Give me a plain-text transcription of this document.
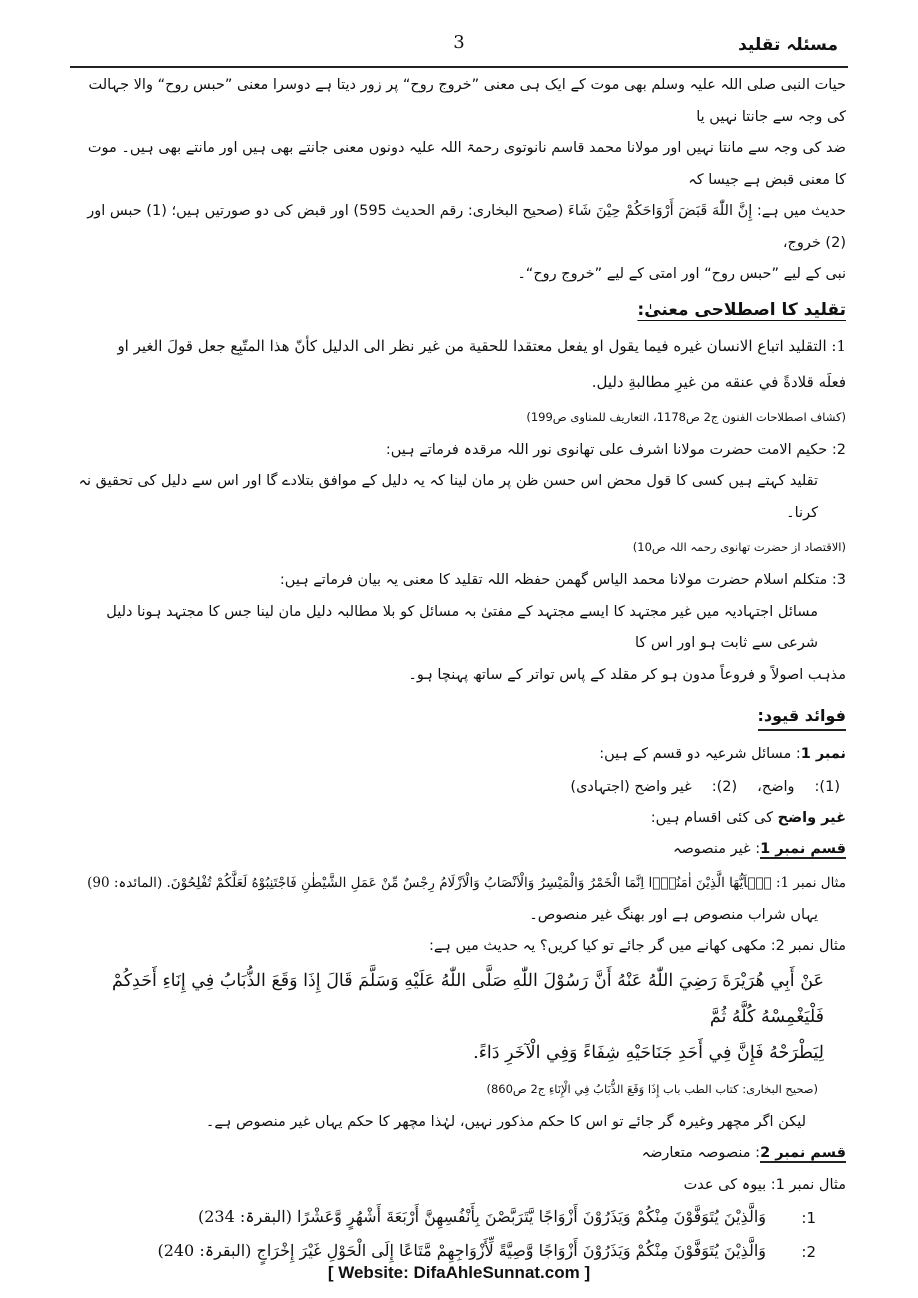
مسئلہ تقلید
3

حیات النبی صلی اللہ علیہ وسلم بھی موت کے ایک ہی معنی ”خروج روح“ پر زور دیتا ہے دوسرا معنی ”حبس روح“ والا جہالت کی وجہ سے جانتا نہیں یا

ضد کی وجہ سے مانتا نہیں اور مولانا محمد قاسم نانوتوی رحمۃ اللہ علیہ دونوں معنی جانتے بھی ہیں اور مانتے بھی ہیں۔ موت کا معنی قبض ہے جیسا کہ

حدیث میں ہے: إِنَّ اللّٰهَ قَبَضَ أَرْوَاحَكُمْ حِيْنَ شَاءَ (صحیح البخاری: رقم الحدیث 595) اور قبض کی دو صورتیں ہیں؛ (1) حبس اور (2) خروج،

نبی کے لیے ”حبس روح“ اور امتی کے لیے ”خروج روح“۔

تقلید کا اصطلاحی معنیٰ:

1: التقليد اتباع الانسان غيره فيما يقول او يفعل معتقدا للحقية من غير نظر الى الدليل كأنّ هذا المتّبِع جعل قولَ الغير او

فعلَه قلادةً في عنقه من غيرِ مطالبةِ دليل.

(کشاف اصطلاحات الفنون ج2 ص1178، التعاریف للمناوی ص199)

2: حکیم الامت حضرت مولانا اشرف علی تھانوی نور اللہ مرقدہ فرماتے ہیں:

تقلید کہتے ہیں کسی کا قول محض اس حسن ظن پر مان لینا کہ یہ دلیل کے موافق بتلادے گا اور اس سے دلیل کی تحقیق نہ کرنا۔

(الاقتصاد از حضرت تھانوی رحمہ اللہ ص10)

3: متکلم اسلام حضرت مولانا محمد الیاس گھمن حفظہ اللہ تقلید کا معنی یہ بیان فرماتے ہیں:

مسائل اجتہادیہ میں غیر مجتہد کا ایسے مجتہد کے مفتیٰ بہ مسائل کو بلا مطالبہ دلیل مان لینا جس کا مجتہد ہونا دلیل شرعی سے ثابت ہو اور اس کا

مذہب اصولاً و فروعاً مدون ہو کر مقلد کے پاس تواتر کے ساتھ پہنچا ہو۔

فوائد قیود:

نمبر 1: مسائل شرعیہ دو قسم کے ہیں:

(1):
واضح،
(2):
غیر واضح (اجتہادی)

غیر واضح کی کئی اقسام ہیں:

قسم نمبر 1: غیر منصوصہ

مثال نمبر 1: يٰۤاَيُّهَا الَّذِيْنَ اٰمَنُوْۤا اِنَّمَا الْخَمْرُ وَالْمَيْسِرُ وَالْاَنْصَابُ وَالْاَزْلَامُ رِجْسٌ مِّنْ عَمَلِ الشَّيْطٰنِ فَاجْتَنِبُوْهُ لَعَلَّكُمْ تُفْلِحُوْنَ. (المائدہ: 90)

یہاں شراب منصوص ہے اور بھنگ غیر منصوص۔

مثال نمبر 2: مکھی کھانے میں گر جائے تو کیا کریں؟ یہ حدیث میں ہے:

عَنْ أَبِي هُرَيْرَةَ رَضِيَ اللّٰهُ عَنْهُ أَنَّ رَسُوْلَ اللّٰهِ صَلَّى اللّٰهُ عَلَيْهِ وَسَلَّمَ قَالَ إِذَا وَقَعَ الذُّبَابُ فِي إِنَاءِ أَحَدِكُمْ فَلْيَغْمِسْهُ كُلَّهُ ثُمَّ

لِيَطْرَحْهُ فَإِنَّ فِي أَحَدِ جَنَاحَيْهِ شِفَاءً وَفِي الْآخَرِ دَاءً.

(صحیح البخاری: کتاب الطب باب إِذَا وَقَعَ الذُّبَابُ فِي الْإِنَاءِ ج2 ص860)

لیکن اگر مچھر وغیرہ گر جائے تو اس کا حکم مذکور نہیں، لہٰذا مچھر کا حکم یہاں غیر منصوص ہے۔

قسم نمبر 2: منصوصہ متعارضہ

مثال نمبر 1: بیوہ کی عدت

1:
وَالَّذِيْنَ يُتَوَفَّوْنَ مِنْكُمْ وَيَذَرُوْنَ أَزْوَاجًا يَّتَرَبَّصْنَ بِأَنْفُسِهِنَّ أَرْبَعَةَ أَشْهُرٍ وَّعَشْرًا (البقرۃ: 234)
2:
وَالَّذِيْنَ يُتَوَفَّوْنَ مِنْكُمْ وَيَذَرُوْنَ أَزْوَاجًا وَّصِيَّةً لِّأَزْوَاجِهِمْ مَّتَاعًا إِلَى الْحَوْلِ غَيْرَ إِخْرَاجٍ (البقرۃ: 240)
[ Website: DifaAhleSunnat.com ]
